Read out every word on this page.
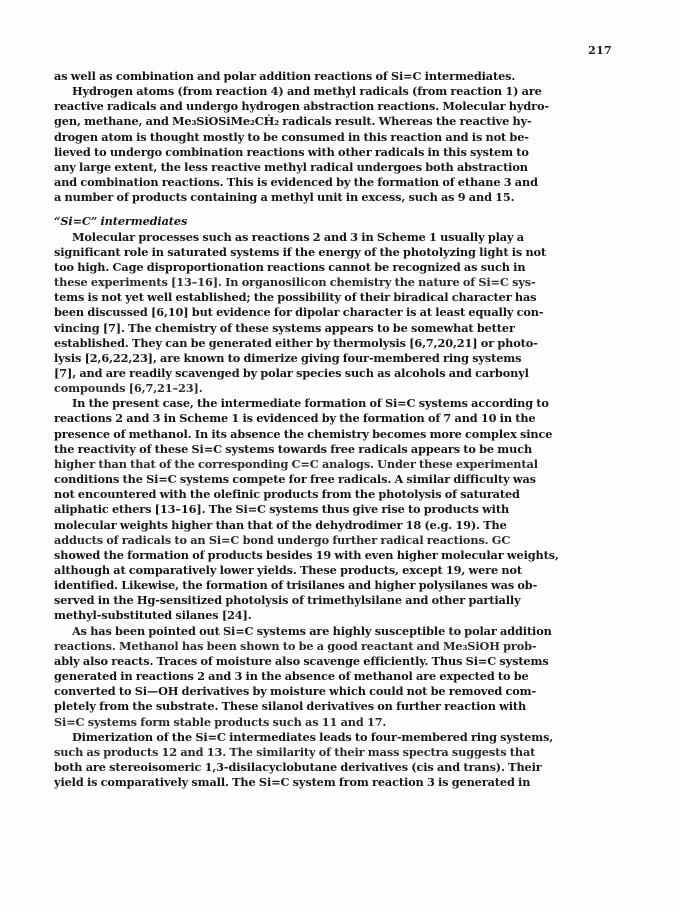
217
as well as combination and polar addition reactions of Si=C intermediates.
Hydrogen atoms (from reaction 4) and methyl radicals (from reaction 1) are
reactive radicals and undergo hydrogen abstraction reactions. Molecular hydro-
gen, methane, and Me₃SiOSiMe₂CḢ₂ radicals result. Whereas the reactive hy-
drogen atom is thought mostly to be consumed in this reaction and is not be-
lieved to undergo combination reactions with other radicals in this system to
any large extent, the less reactive methyl radical undergoes both abstraction
and combination reactions. This is evidenced by the formation of ethane 3 and
a number of products containing a methyl unit in excess, such as 9 and 15.
“Si=C” intermediates
Molecular processes such as reactions 2 and 3 in Scheme 1 usually play a
significant role in saturated systems if the energy of the photolyzing light is not
too high. Cage disproportionation reactions cannot be recognized as such in
these experiments [13–16]. In organosilicon chemistry the nature of Si=C sys-
tems is not yet well established; the possibility of their biradical character has
been discussed [6,10] but evidence for dipolar character is at least equally con-
vincing [7]. The chemistry of these systems appears to be somewhat better
established. They can be generated either by thermolysis [6,7,20,21] or photo-
lysis [2,6,22,23], are known to dimerize giving four-membered ring systems
[7], and are readily scavenged by polar species such as alcohols and carbonyl
compounds [6,7,21–23].
In the present case, the intermediate formation of Si=C systems according to
reactions 2 and 3 in Scheme 1 is evidenced by the formation of 7 and 10 in the
presence of methanol. In its absence the chemistry becomes more complex since
the reactivity of these Si=C systems towards free radicals appears to be much
higher than that of the corresponding C=C analogs. Under these experimental
conditions the Si=C systems compete for free radicals. A similar difficulty was
not encountered with the olefinic products from the photolysis of saturated
aliphatic ethers [13–16]. The Si=C systems thus give rise to products with
molecular weights higher than that of the dehydrodimer 18 (e.g. 19). The
adducts of radicals to an Si=C bond undergo further radical reactions. GC
showed the formation of products besides 19 with even higher molecular weights,
although at comparatively lower yields. These products, except 19, were not
identified. Likewise, the formation of trisilanes and higher polysilanes was ob-
served in the Hg-sensitized photolysis of trimethylsilane and other partially
methyl-substituted silanes [24].
As has been pointed out Si=C systems are highly susceptible to polar addition
reactions. Methanol has been shown to be a good reactant and Me₃SiOH prob-
ably also reacts. Traces of moisture also scavenge efficiently. Thus Si=C systems
generated in reactions 2 and 3 in the absence of methanol are expected to be
converted to Si—OH derivatives by moisture which could not be removed com-
pletely from the substrate. These silanol derivatives on further reaction with
Si=C systems form stable products such as 11 and 17.
Dimerization of the Si=C intermediates leads to four-membered ring systems,
such as products 12 and 13. The similarity of their mass spectra suggests that
both are stereoisomeric 1,3-disilacyclobutane derivatives (cis and trans). Their
yield is comparatively small. The Si=C system from reaction 3 is generated in
